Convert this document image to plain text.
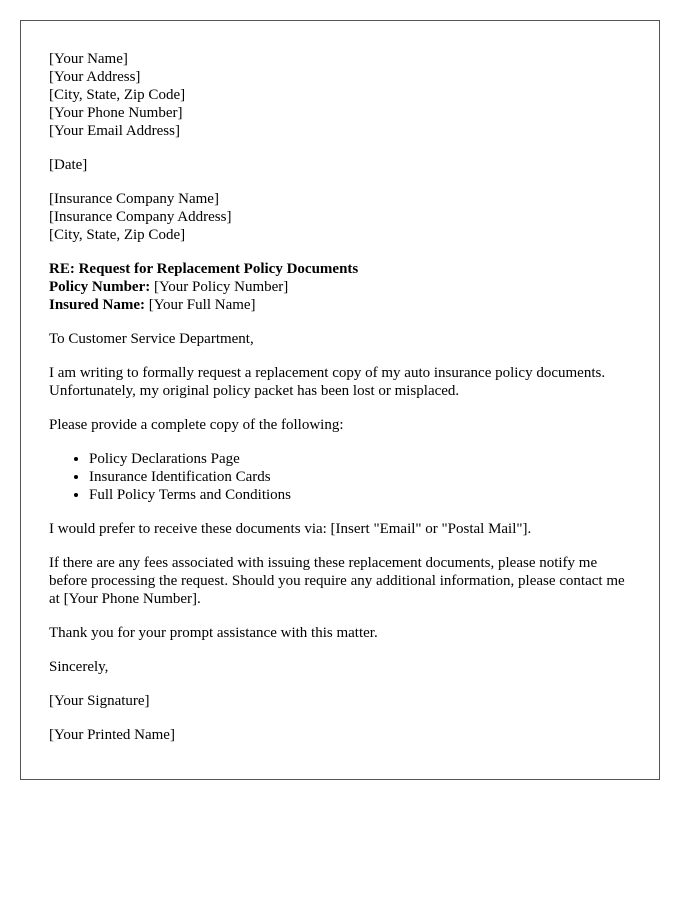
[Your Name]
[Your Address]
[City, State, Zip Code]
[Your Phone Number]
[Your Email Address]
[Date]
[Insurance Company Name]
[Insurance Company Address]
[City, State, Zip Code]
RE: Request for Replacement Policy Documents
Policy Number: [Your Policy Number]
Insured Name: [Your Full Name]

To Customer Service Department,

I am writing to formally request a replacement copy of my auto insurance policy documents. Unfortunately, my original policy packet has been lost or misplaced.

Please provide a complete copy of the following:

• Policy Declarations Page
• Insurance Identification Cards
• Full Policy Terms and Conditions

I would prefer to receive these documents via: [Insert "Email" or "Postal Mail"].

If there are any fees associated with issuing these replacement documents, please notify me before processing the request. Should you require any additional information, please contact me at [Your Phone Number].

Thank you for your prompt assistance with this matter.

Sincerely,

[Your Signature]

[Your Printed Name]
